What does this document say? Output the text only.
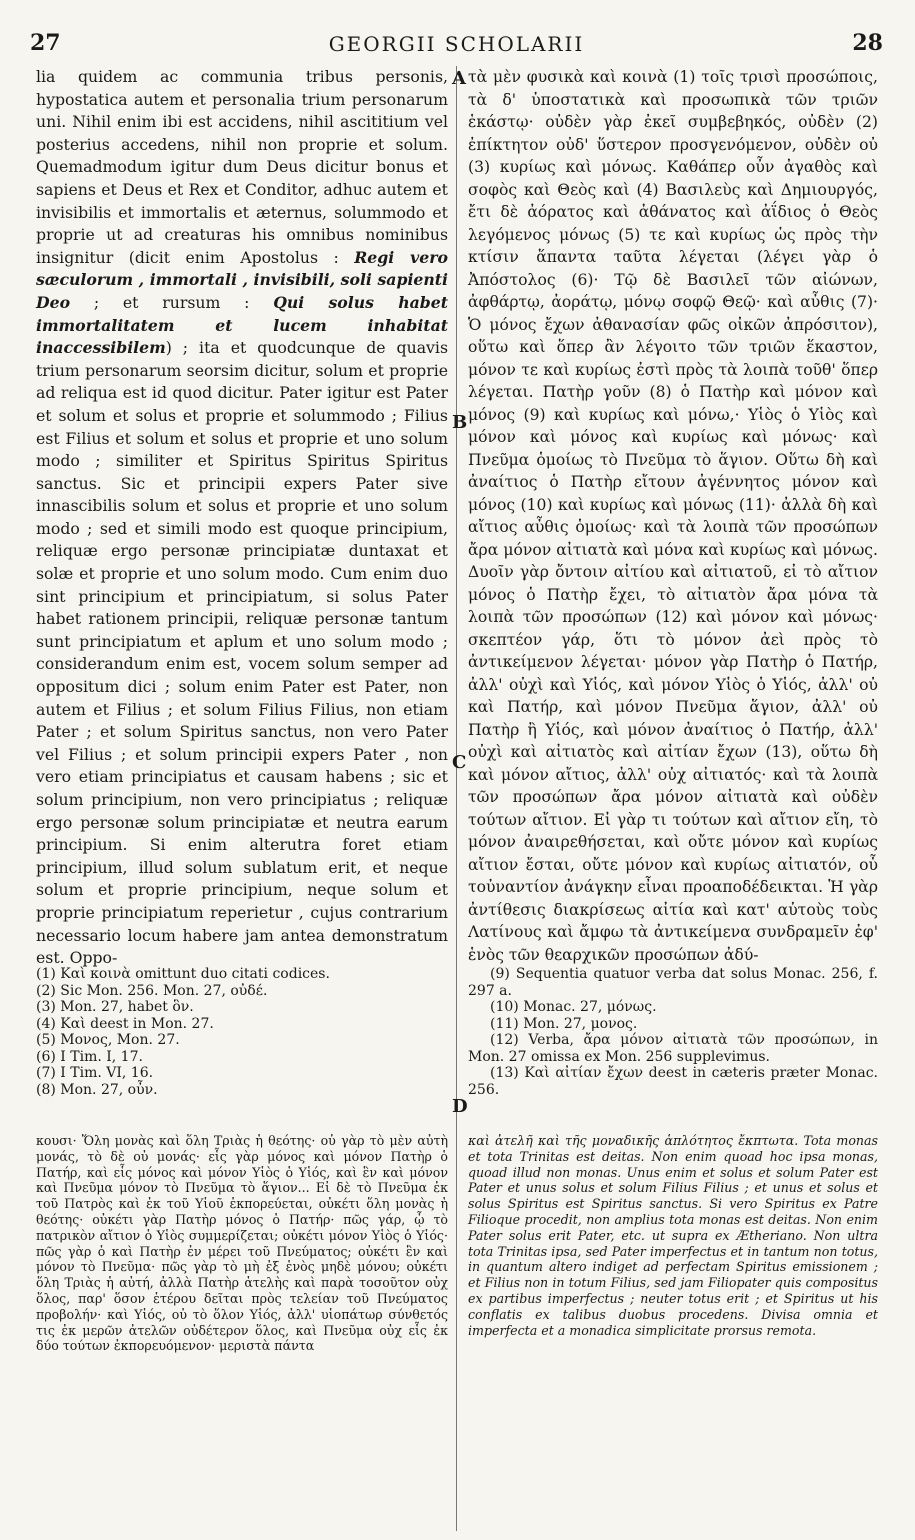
27	GEORGII SCHOLARII	28
lia quidem ac communia tribus personis, hypostatica autem et personalia trium personarum uni. Nihil enim ibi est accidens, nihil ascititium vel posterius accedens, nihil non proprie et solum. Quemadmodum igitur dum Deus dicitur bonus et sapiens et Deus et Rex et Conditor, adhuc autem et invisibilis et immortalis et æternus, solummodo et proprie ut ad creaturas his omnibus nominibus insignitur (dicit enim Apostolus : Regi vero sæculorum , immortali , invisibili, soli sapienti Deo ; et rursum : Qui solus habet immortalitatem et lucem inhabitat inaccessibilem) ; ita et quodcunque de quavis trium personarum seorsim dicitur, solum et proprie ad reliqua est id quod dicitur. Pater igitur est Pater et solum et solus et proprie et solummodo ; Filius est Filius et solum et solus et proprie et uno solum modo ; similiter et Spiritus Spiritus Spiritus sanctus. Sic et principii expers Pater sive innascibilis solum et solus et proprie et uno solum modo ; sed et simili modo est quoque principium, reliquæ ergo personæ principiatæ duntaxat et solæ et proprie et uno solum modo. Cum enim duo sint principium et principiatum, si solus Pater habet rationem principii, reliquæ personæ tantum sunt principiatum et aplum et uno solum modo ; considerandum enim est, vocem solum semper ad oppositum dici ; solum enim Pater est Pater, non autem et Filius ; et solum Filius Filius, non etiam Pater ; et solum Spiritus sanctus, non vero Pater vel Filius ; et solum principii expers Pater , non vero etiam principiatus et causam habens ; sic et solum principium, non vero principiatus ; reliquæ ergo personæ solum principiatæ et neutra earum principium. Si enim alterutra foret etiam principium, illud solum sublatum erit, et neque solum et proprie principium, neque solum et proprie principiatum reperietur , cujus contrarium necessario locum habere jam antea demonstratum est. Oppo-
τὰ μὲν φυσικὰ καὶ κοινὰ (1) τοῖς τρισὶ προσώποις, τὰ δ' ὑποστατικὰ καὶ προσωπικὰ τῶν τριῶν ἑκάστῳ· οὐδὲν γὰρ ἐκεῖ συμβεβηκός, οὐδὲν (2) ἐπίκτητον οὐδ' ὕστερον προσγενόμενον, οὐδὲν οὐ (3) κυρίως καὶ μόνως. Καθάπερ οὖν ἀγαθὸς καὶ σοφὸς καὶ Θεὸς καὶ (4) Βασιλεὺς καὶ Δημιουργός, ἔτι δὲ ἀόρατος καὶ ἀθάνατος καὶ ἀΐδιος ὁ Θεὸς λεγόμενος μόνως (5) τε καὶ κυρίως ὡς πρὸς τὴν κτίσιν ἅπαντα ταῦτα λέγεται (λέγει γὰρ ὁ Ἀπόστολος (6)· Τῷ δὲ Βασιλεῖ τῶν αἰώνων, ἀφθάρτῳ, ἀοράτῳ, μόνῳ σοφῷ Θεῷ· καὶ αὖθις (7)· Ὁ μόνος ἔχων ἀθανασίαν φῶς οἰκῶν ἀπρόσιτον), οὕτω καὶ ὅπερ ἂν λέγοιτο τῶν τριῶν ἕκαστον, μόνον τε καὶ κυρίως ἐστὶ πρὸς τὰ λοιπὰ τοῦθ' ὅπερ λέγεται. Πατὴρ γοῦν (8) ὁ Πατὴρ καὶ μόνον καὶ μόνος (9) καὶ κυρίως καὶ μόνω,· Υἱὸς ὁ Υἱὸς καὶ μόνον καὶ μόνος καὶ κυρίως καὶ μόνως· καὶ Πνεῦμα ὁμοίως τὸ Πνεῦμα τὸ ἅγιον. Οὕτω δὴ καὶ ἀναίτιος ὁ Πατὴρ εἴτουν ἀγέννητος μόνον καὶ μόνος (10) καὶ κυρίως καὶ μόνως (11)· ἀλλὰ δὴ καὶ αἴτιος αὖθις ὁμοίως· καὶ τὰ λοιπὰ τῶν προσώπων ἄρα μόνον αἰτιατὰ καὶ μόνα καὶ κυρίως καὶ μόνως. Δυοῖν γὰρ ὄντοιν αἰτίου καὶ αἰτιατοῦ, εἰ τὸ αἴτιον μόνος ὁ Πατὴρ ἔχει, τὸ αἰτιατὸν ἄρα μόνα τὰ λοιπὰ τῶν προσώπων (12) καὶ μόνον καὶ μόνως· σκεπτέον γάρ, ὅτι τὸ μόνον ἀεὶ πρὸς τὸ ἀντικείμενον λέγεται· μόνον γὰρ Πατὴρ ὁ Πατήρ, ἀλλ' οὐχὶ καὶ Υἱός, καὶ μόνον Υἱὸς ὁ Υἱός, ἀλλ' οὐ καὶ Πατήρ, καὶ μόνον Πνεῦμα ἅγιον, ἀλλ' οὐ Πατὴρ ἢ Υἱός, καὶ μόνον ἀναίτιος ὁ Πατήρ, ἀλλ' οὐχὶ καὶ αἰτιατὸς καὶ αἰτίαν ἔχων (13), οὕτω δὴ καὶ μόνον αἴτιος, ἀλλ' οὐχ αἰτιατός· καὶ τὰ λοιπὰ τῶν προσώπων ἄρα μόνον αἰτιατὰ καὶ οὐδὲν τούτων αἴτιον. Εἰ γὰρ τι τούτων καὶ αἴτιον εἴη, τὸ μόνον ἀναιρεθήσεται, καὶ οὔτε μόνον καὶ κυρίως αἴτιον ἔσται, οὔτε μόνον καὶ κυρίως αἰτιατόν, οὗ τοὐναντίον ἀνάγκην εἶναι προαποδέδεικται. Ἡ γὰρ ἀντίθεσις διακρίσεως αἰτία καὶ κατ' αὐτοὺς τοὺς Λατίνους καὶ ἄμφω τὰ ἀντικείμενα συνδραμεῖν ἐφ' ἑνὸς τῶν θεαρχικῶν προσώπων ἀδύ-
A
B
C
D
(1) Καὶ κοινὰ omittunt duo citati codices.
(2) Sic Mon. 256. Mon. 27, οὐδέ.
(3) Mon. 27, habet ὃν.
(4) Καὶ deest in Mon. 27.
(5) Μονος, Mon. 27.
(6) I Tim. I, 17.
(7) I Tim. VI, 16.
(8) Mon. 27, οὖν.
(9) Sequentia quatuor verba dat solus Monac. 256, f. 297 a.
(10) Monac. 27, μόνως.
(11) Mon. 27, μονος.
(12) Verba, ἄρα μόνον αἰτιατὰ τῶν προσώπων, in Mon. 27 omissa ex Mon. 256 supplevimus.
(13) Καὶ αἰτίαν ἔχων deest in cæteris præter Monac. 256.
κουσι· Ὅλη μονὰς καὶ ὅλη Τριὰς ἡ θεότης· οὐ γὰρ τὸ μὲν αὐτὴ μονάς, τὸ δὲ οὐ μονάς· εἷς γὰρ μόνος καὶ μόνον Πατὴρ ὁ Πατήρ, καὶ εἷς μόνος καὶ μόνον Υἱὸς ὁ Υἱός, καὶ ἓν καὶ μόνον καὶ Πνεῦμα μόνον τὸ Πνεῦμα τὸ ἅγιον... Εἰ δὲ τὸ Πνεῦμα ἐκ τοῦ Πατρὸς καὶ ἐκ τοῦ Υἱοῦ ἐκπορεύεται, οὐκέτι ὅλη μονὰς ἡ θεότης· οὐκέτι γὰρ Πατὴρ μόνος ὁ Πατήρ· πῶς γάρ, ᾧ τὸ πατρικὸν αἴτιον ὁ Υἱὸς συμμερίζεται; οὐκέτι μόνον Υἱὸς ὁ Υἱός· πῶς γὰρ ὁ καὶ Πατὴρ ἐν μέρει τοῦ Πνεύματος; οὐκέτι ἓν καὶ μόνον τὸ Πνεῦμα· πῶς γὰρ τὸ μὴ ἐξ ἑνὸς μηδὲ μόνου; οὐκέτι ὅλη Τριὰς ἡ αὐτή, ἀλλὰ Πατὴρ ἀτελὴς καὶ παρὰ τοσοῦτον οὐχ ὅλος, παρ' ὅσον ἑτέρου δεῖται πρὸς τελείαν τοῦ Πνεύματος προβολήν· καὶ Υἱός, οὐ τὸ ὅλον Υἱός, ἀλλ' υἱοπάτωρ σύνθετός τις ἐκ μερῶν ἀτελῶν οὐδέτερον ὅλος, καὶ Πνεῦμα οὐχ εἷς ἐκ δύο τούτων ἐκπορευόμενον· μεριστὰ πάντα
καὶ ἀτελῆ καὶ τῆς μοναδικῆς ἁπλότητος ἔκπτωτα. Tota monas et tota Trinitas est deitas. Non enim quoad hoc ipsa monas, quoad illud non monas. Unus enim et solus et solum Pater est Pater et unus solus et solum Filius Filius ; et unus et solus et solus Spiritus est Spiritus sanctus. Si vero Spiritus ex Patre Filioque procedit, non amplius tota monas est deitas. Non enim Pater solus erit Pater, etc. ut supra ex Ætheriano. Non ultra tota Trinitas ipsa, sed Pater imperfectus et in tantum non totus, in quantum altero indiget ad perfectam Spiritus emissionem ; et Filius non in totum Filius, sed jam Filiopater quis compositus ex partibus imperfectus ; neuter totus erit ; et Spiritus ut his conflatis ex talibus duobus procedens. Divisa omnia et imperfecta et a monadica simplicitate prorsus remota.
